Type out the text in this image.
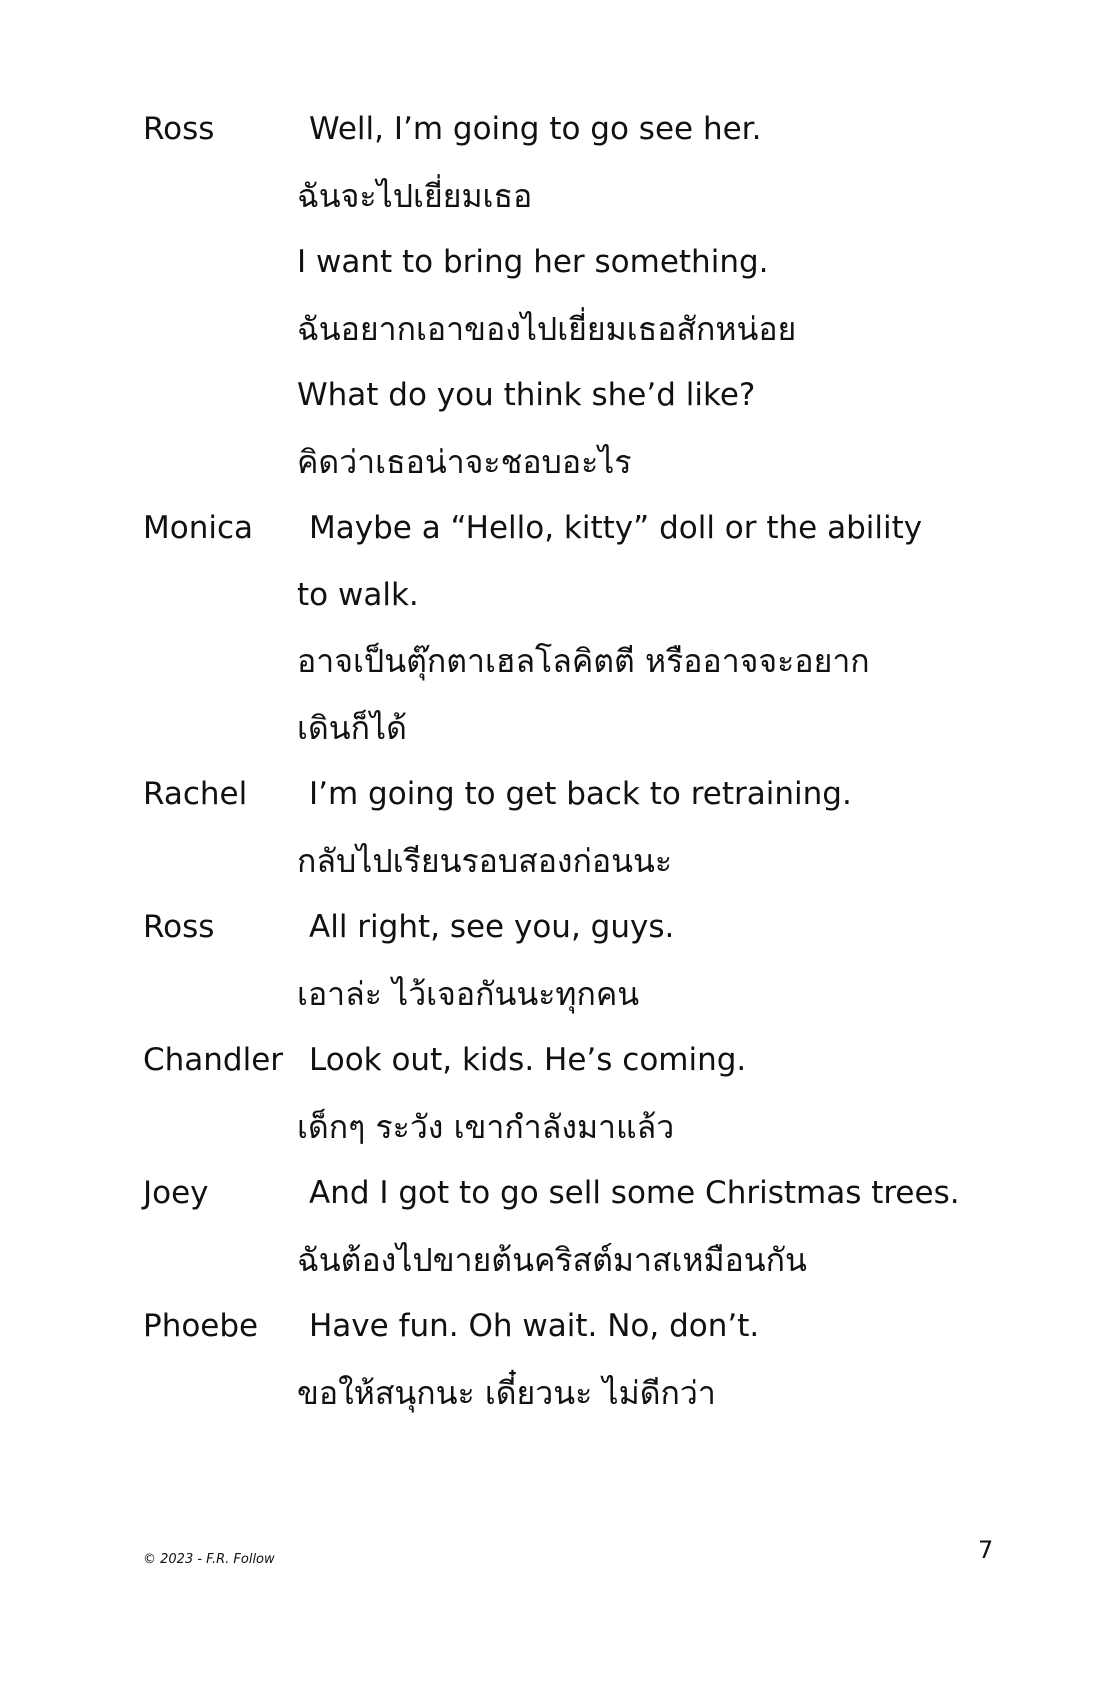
Ross	Well, I’m going to go see her.
ฉันจะไปเยี่ยมเธอ
I want to bring her something.
ฉันอยากเอาของไปเยี่ยมเธอสักหน่อย
What do you think she’d like?
คิดว่าเธอน่าจะชอบอะไร
Monica Maybe a “Hello, kitty” doll or the ability
to walk.
อาจเป็นตุ๊กตาเฮลโลคิตตี หรืออาจจะอยาก
เดินก็ได้
Rachel I’m going to get back to retraining.
กลับไปเรียนรอบสองก่อนนะ
Ross	All right, see you, guys.
เอาล่ะ ไว้เจอกันนะทุกคน
Chandler Look out, kids. He’s coming.
เด็กๆ ระวัง เขากำลังมาแล้ว
Joey	And I got to go sell some Christmas trees.
ฉันต้องไปขายต้นคริสต์มาสเหมือนกัน
Phoebe Have fun. Oh wait. No, don’t.
ขอให้สนุกนะ เดี๋ยวนะ ไม่ดีกว่า
© 2023 - F.R. Follow	7
